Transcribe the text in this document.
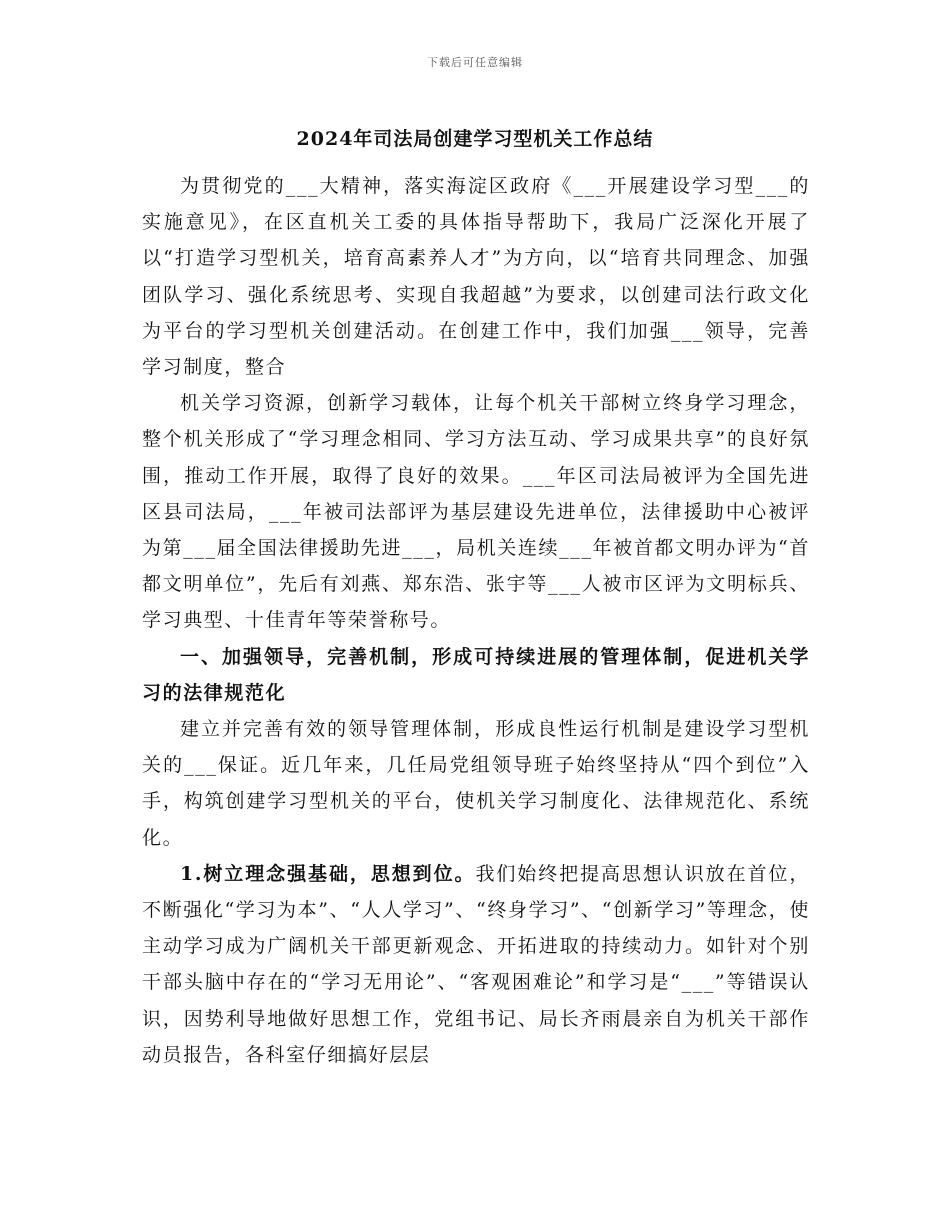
下载后可任意编辑
2024年司法局创建学习型机关工作总结

为贯彻党的___大精神，落实海淀区政府《___开展建设学习型___的实施意见》，在区直机关工委的具体指导帮助下，我局广泛深化开展了以“打造学习型机关，培育高素养人才”为方向，以“培育共同理念、加强团队学习、强化系统思考、实现自我超越”为要求，以创建司法行政文化为平台的学习型机关创建活动。在创建工作中，我们加强___领导，完善学习制度，整合

机关学习资源，创新学习载体，让每个机关干部树立终身学习理念，整个机关形成了“学习理念相同、学习方法互动、学习成果共享”的良好氛围，推动工作开展，取得了良好的效果。___年区司法局被评为全国先进区县司法局，___年被司法部评为基层建设先进单位，法律援助中心被评为第___届全国法律援助先进___，局机关连续___年被首都文明办评为“首都文明单位”，先后有刘燕、郑东浩、张宇等___人被市区评为文明标兵、学习典型、十佳青年等荣誉称号。

一、加强领导，完善机制，形成可持续进展的管理体制，促进机关学习的法律规范化

建立并完善有效的领导管理体制，形成良性运行机制是建设学习型机关的___保证。近几年来，几任局党组领导班子始终坚持从“四个到位”入手，构筑创建学习型机关的平台，使机关学习制度化、法律规范化、系统化。

1.树立理念强基础，思想到位。我们始终把提高思想认识放在首位，不断强化“学习为本”、“人人学习”、“终身学习”、“创新学习”等理念，使主动学习成为广阔机关干部更新观念、开拓进取的持续动力。如针对个别干部头脑中存在的“学习无用论”、“客观困难论”和学习是“___”等错误认识，因势利导地做好思想工作，党组书记、局长齐雨晨亲自为机关干部作动员报告，各科室仔细搞好层层
